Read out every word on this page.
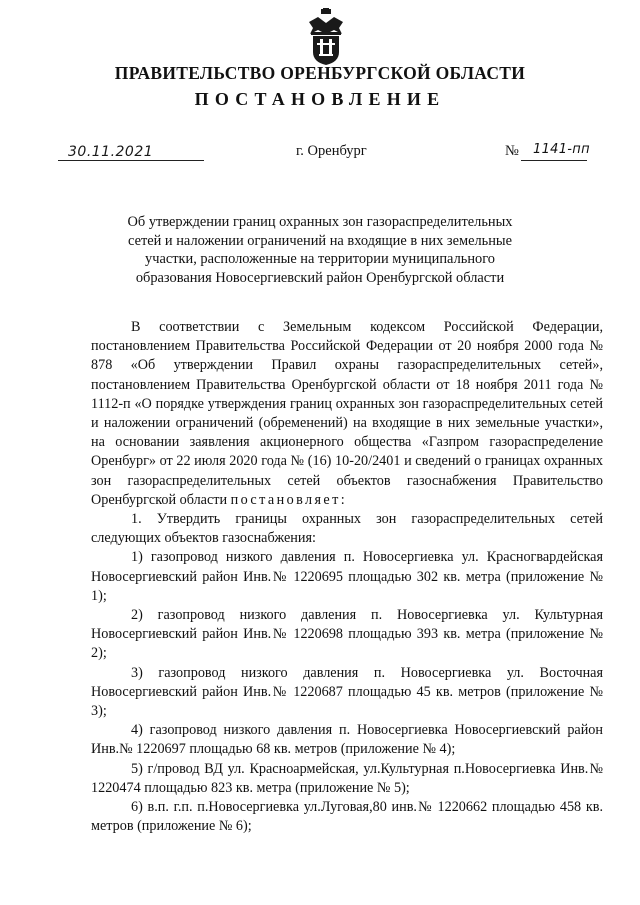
ПРАВИТЕЛЬСТВО ОРЕНБУРГСКОЙ ОБЛАСТИ
ПОСТАНОВЛЕНИЕ
30.11.2021	г. Оренбург	№ 1141-пп
Об утверждении границ охранных зон газораспределительных сетей и наложении ограничений на входящие в них земельные участки, расположенные на территории муниципального образования Новосергиевский район Оренбургской области

В соответствии с Земельным кодексом Российской Федерации, постановлением Правительства Российской Федерации от 20 ноября 2000 года № 878 «Об утверждении Правил охраны газораспределительных сетей», постановлением Правительства Оренбургской области от 18 ноября 2011 года № 1112-п «О порядке утверждения границ охранных зон газораспределительных сетей и наложении ограничений (обременений) на входящие в них земельные участки», на основании заявления акционерного общества «Газпром газораспределение Оренбург» от 22 июля 2020 года № (16) 10-20/2401 и сведений о границах охранных зон газораспределительных сетей объектов газоснабжения Правительство Оренбургской области постановляет:

1. Утвердить границы охранных зон газораспределительных сетей следующих объектов газоснабжения:

1) газопровод низкого давления п. Новосергиевка ул. Красногвардейская Новосергиевский район Инв.№ 1220695 площадью 302 кв. метра (приложение № 1);

2) газопровод низкого давления п. Новосергиевка ул. Культурная Новосергиевский район Инв.№ 1220698 площадью 393 кв. метра (приложение № 2);

3) газопровод низкого давления п. Новосергиевка ул. Восточная Новосергиевский район Инв.№ 1220687 площадью 45 кв. метров (приложение № 3);

4) газопровод низкого давления п. Новосергиевка Новосергиевский район Инв.№ 1220697 площадью 68 кв. метров (приложение № 4);

5) г/провод ВД ул. Красноармейская, ул.Культурная п.Новосергиевка Инв.№ 1220474 площадью 823 кв. метра (приложение № 5);

6) в.п. г.п. п.Новосергиевка ул.Луговая,80 инв.№ 1220662 площадью 458 кв. метров (приложение № 6);
